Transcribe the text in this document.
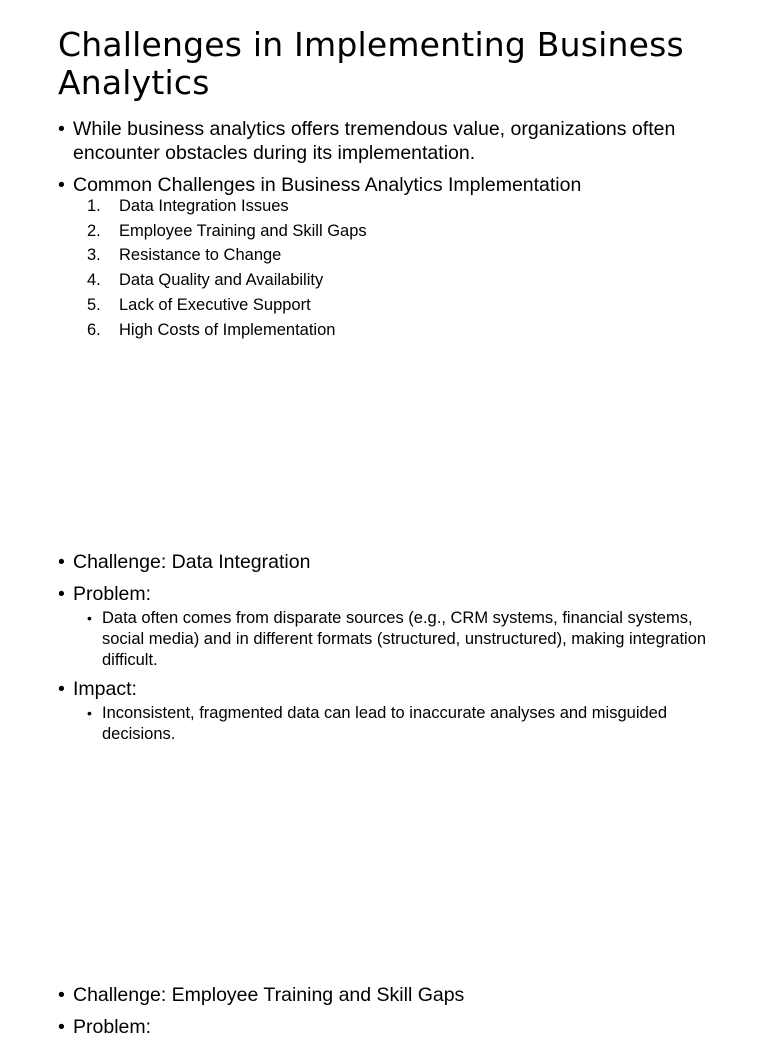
Challenges in Implementing Business Analytics
• While business analytics offers tremendous value, organizations often encounter obstacles during its implementation.
• Common Challenges in Business Analytics Implementation
1. Data Integration Issues
2. Employee Training and Skill Gaps
3. Resistance to Change
4. Data Quality and Availability
5. Lack of Executive Support
6. High Costs of Implementation
• Challenge: Data Integration
• Problem:
• Data often comes from disparate sources (e.g., CRM systems, financial systems, social media) and in different formats (structured, unstructured), making integration difficult.
• Impact:
• Inconsistent, fragmented data can lead to inaccurate analyses and misguided decisions.
• Challenge: Employee Training and Skill Gaps
• Problem:
